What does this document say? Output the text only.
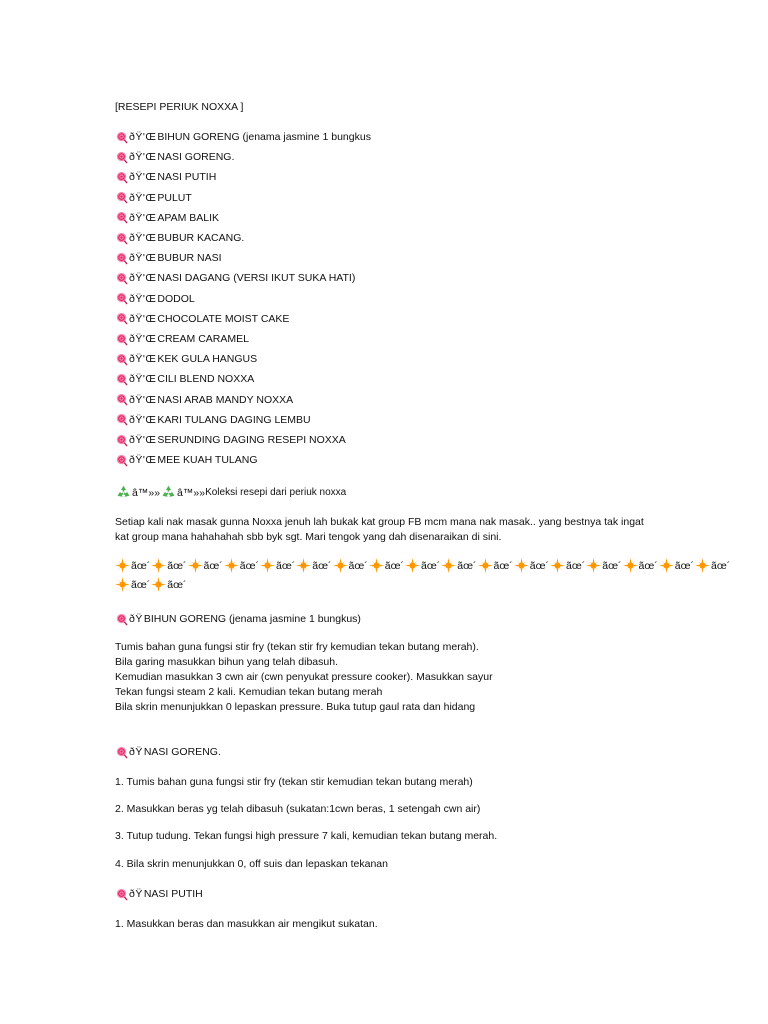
[RESEPI PERIUK NOXXA ]
ðŸ'Œ BIHUN GORENG (jenama jasmine 1 bungkus
ðŸ'Œ NASI GORENG.
ðŸ'Œ NASI PUTIH
ðŸ'Œ PULUT
ðŸ'Œ APAM BALIK
ðŸ'Œ BUBUR KACANG.
ðŸ'Œ BUBUR NASI
ðŸ'Œ NASI DAGANG (VERSI IKUT SUKA HATI)
ðŸ'Œ DODOL
ðŸ'Œ CHOCOLATE MOIST CAKE
ðŸ'Œ CREAM CARAMEL
ðŸ'Œ KEK GULA HANGUS
ðŸ'Œ CILI BLEND NOXXA
ðŸ'Œ NASI ARAB MANDY NOXXA
ðŸ'Œ KARI TULANG DAGING LEMBU
ðŸ'Œ SERUNDING DAGING RESEPI NOXXA
ðŸ'Œ MEE KUAH TULANG
â™» » â™» » Koleksi resepi dari periuk noxxa
Setiap kali nak masak gunna Noxxa jenuh lah bukak kat group FB mcm mana nak masak.. yang bestnya tak ingat kat group mana hahahahah sbb byk sgt. Mari tengok yang dah disenaraikan di sini.
ãœ´ ãœ´ ãœ´ ãœ´ ãœ´ ãœ´ ãœ´ ãœ´ ãœ´ ãœ´ ãœ´ ãœ´ ãœ´ ãœ´ ãœ´ ãœ´ ãœ´
ãœ´ ãœ´
ðŸ BIHUN GORENG (jenama jasmine 1 bungkus)
Tumis bahan guna fungsi stir fry (tekan stir fry kemudian tekan butang merah).
Bila garing masukkan bihun yang telah dibasuh.
Kemudian masukkan 3 cwn air (cwn penyukat pressure cooker). Masukkan sayur
Tekan fungsi steam 2 kali. Kemudian tekan butang merah
Bila skrin menunjukkan 0 lepaskan pressure. Buka tutup gaul rata dan hidang
ðŸ NASI GORENG.
1. Tumis bahan guna fungsi stir fry (tekan stir kemudian tekan butang merah)
2. Masukkan beras yg telah dibasuh (sukatan:1cwn beras, 1 setengah cwn air)
3. Tutup tudung. Tekan fungsi high pressure 7 kali, kemudian tekan butang merah.
4. Bila skrin menunjukkan 0, off suis dan lepaskan tekanan
ðŸ NASI PUTIH
1. Masukkan beras dan masukkan air mengikut sukatan.
